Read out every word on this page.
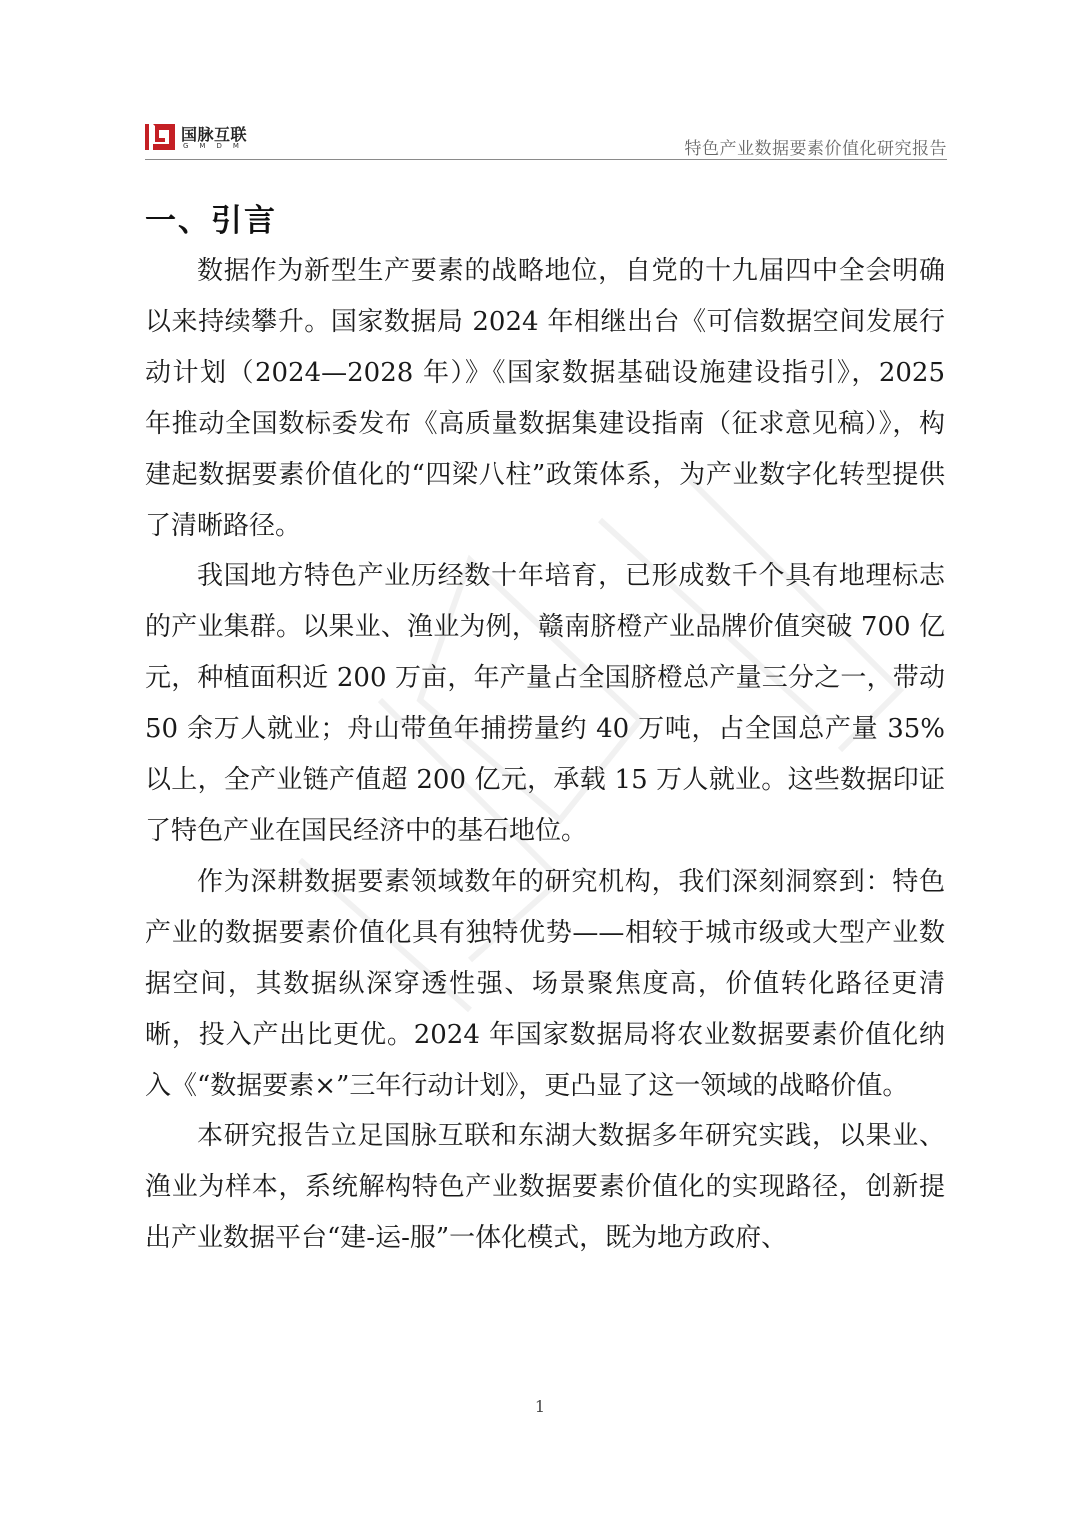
国脉互联
GMDM	特色产业数据要素价值化研究报告
一、引言

数据作为新型生产要素的战略地位，自党的十九届四中全会明确以来持续攀升。国家数据局 2024 年相继出台《可信数据空间发展行动计划（2024—2028 年）》《国家数据基础设施建设指引》，2025 年推动全国数标委发布《高质量数据集建设指南（征求意见稿）》，构建起数据要素价值化的“四梁八柱”政策体系，为产业数字化转型提供了清晰路径。

我国地方特色产业历经数十年培育，已形成数千个具有地理标志的产业集群。以果业、渔业为例，赣南脐橙产业品牌价值突破 700 亿元，种植面积近 200 万亩，年产量占全国脐橙总产量三分之一，带动 50 余万人就业；舟山带鱼年捕捞量约 40 万吨，占全国总产量 35%以上，全产业链产值超 200 亿元，承载 15 万人就业。这些数据印证了特色产业在国民经济中的基石地位。

作为深耕数据要素领域数年的研究机构，我们深刻洞察到：特色产业的数据要素价值化具有独特优势——相较于城市级或大型产业数据空间，其数据纵深穿透性强、场景聚焦度高，价值转化路径更清晰，投入产出比更优。2024 年国家数据局将农业数据要素价值化纳入《“数据要素×”三年行动计划》，更凸显了这一领域的战略价值。

本研究报告立足国脉互联和东湖大数据多年研究实践，以果业、渔业为样本，系统解构特色产业数据要素价值化的实现路径，创新提出产业数据平台“建-运-服”一体化模式，既为地方政府、

1
